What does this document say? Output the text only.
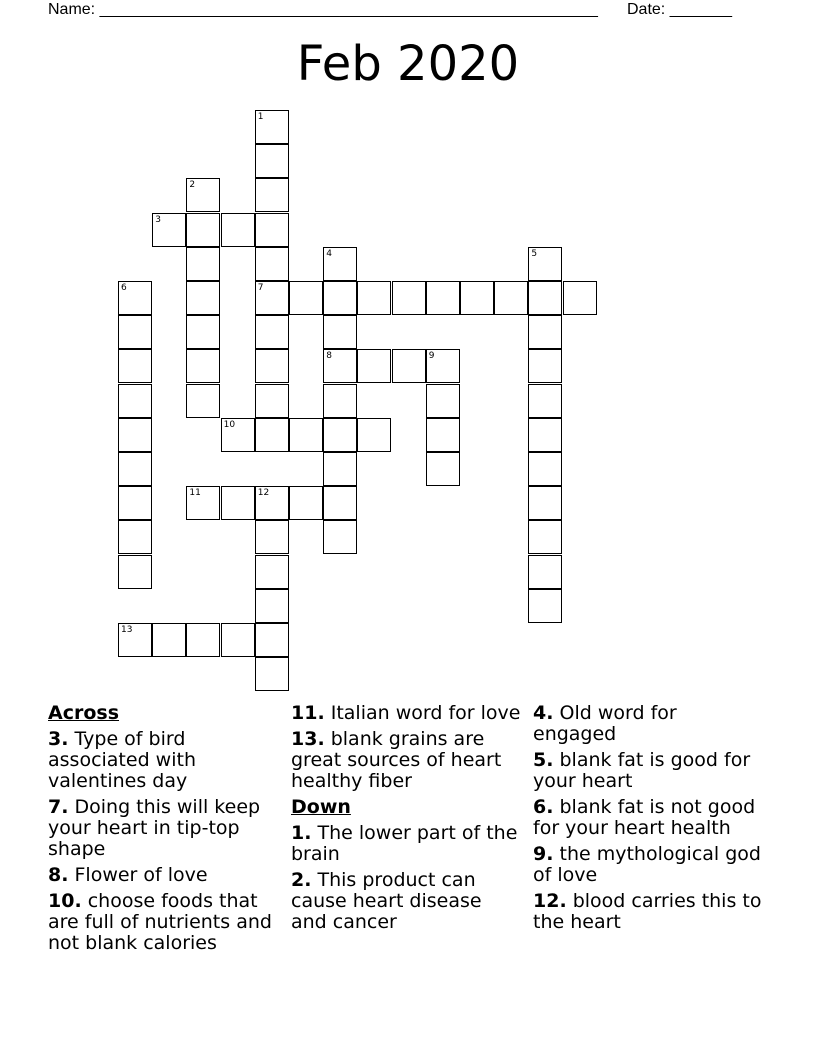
Name: ________________________________________________________ Date: _______
Feb 2020
1
2
3
4	5
6	7
8	9
10
11	12
13
Across
3. Type of bird associated with valentines day
7. Doing this will keep your heart in tip-top shape
8. Flower of love
10. choose foods that are full of nutrients and not blank calories
11. Italian word for love
13. blank grains are great sources of heart healthy fiber
Down
1. The lower part of the brain
2. This product can cause heart disease and cancer
4. Old word for engaged
5. blank fat is good for your heart
6. blank fat is not good for your heart health
9. the mythological god of love
12. blood carries this to the heart
